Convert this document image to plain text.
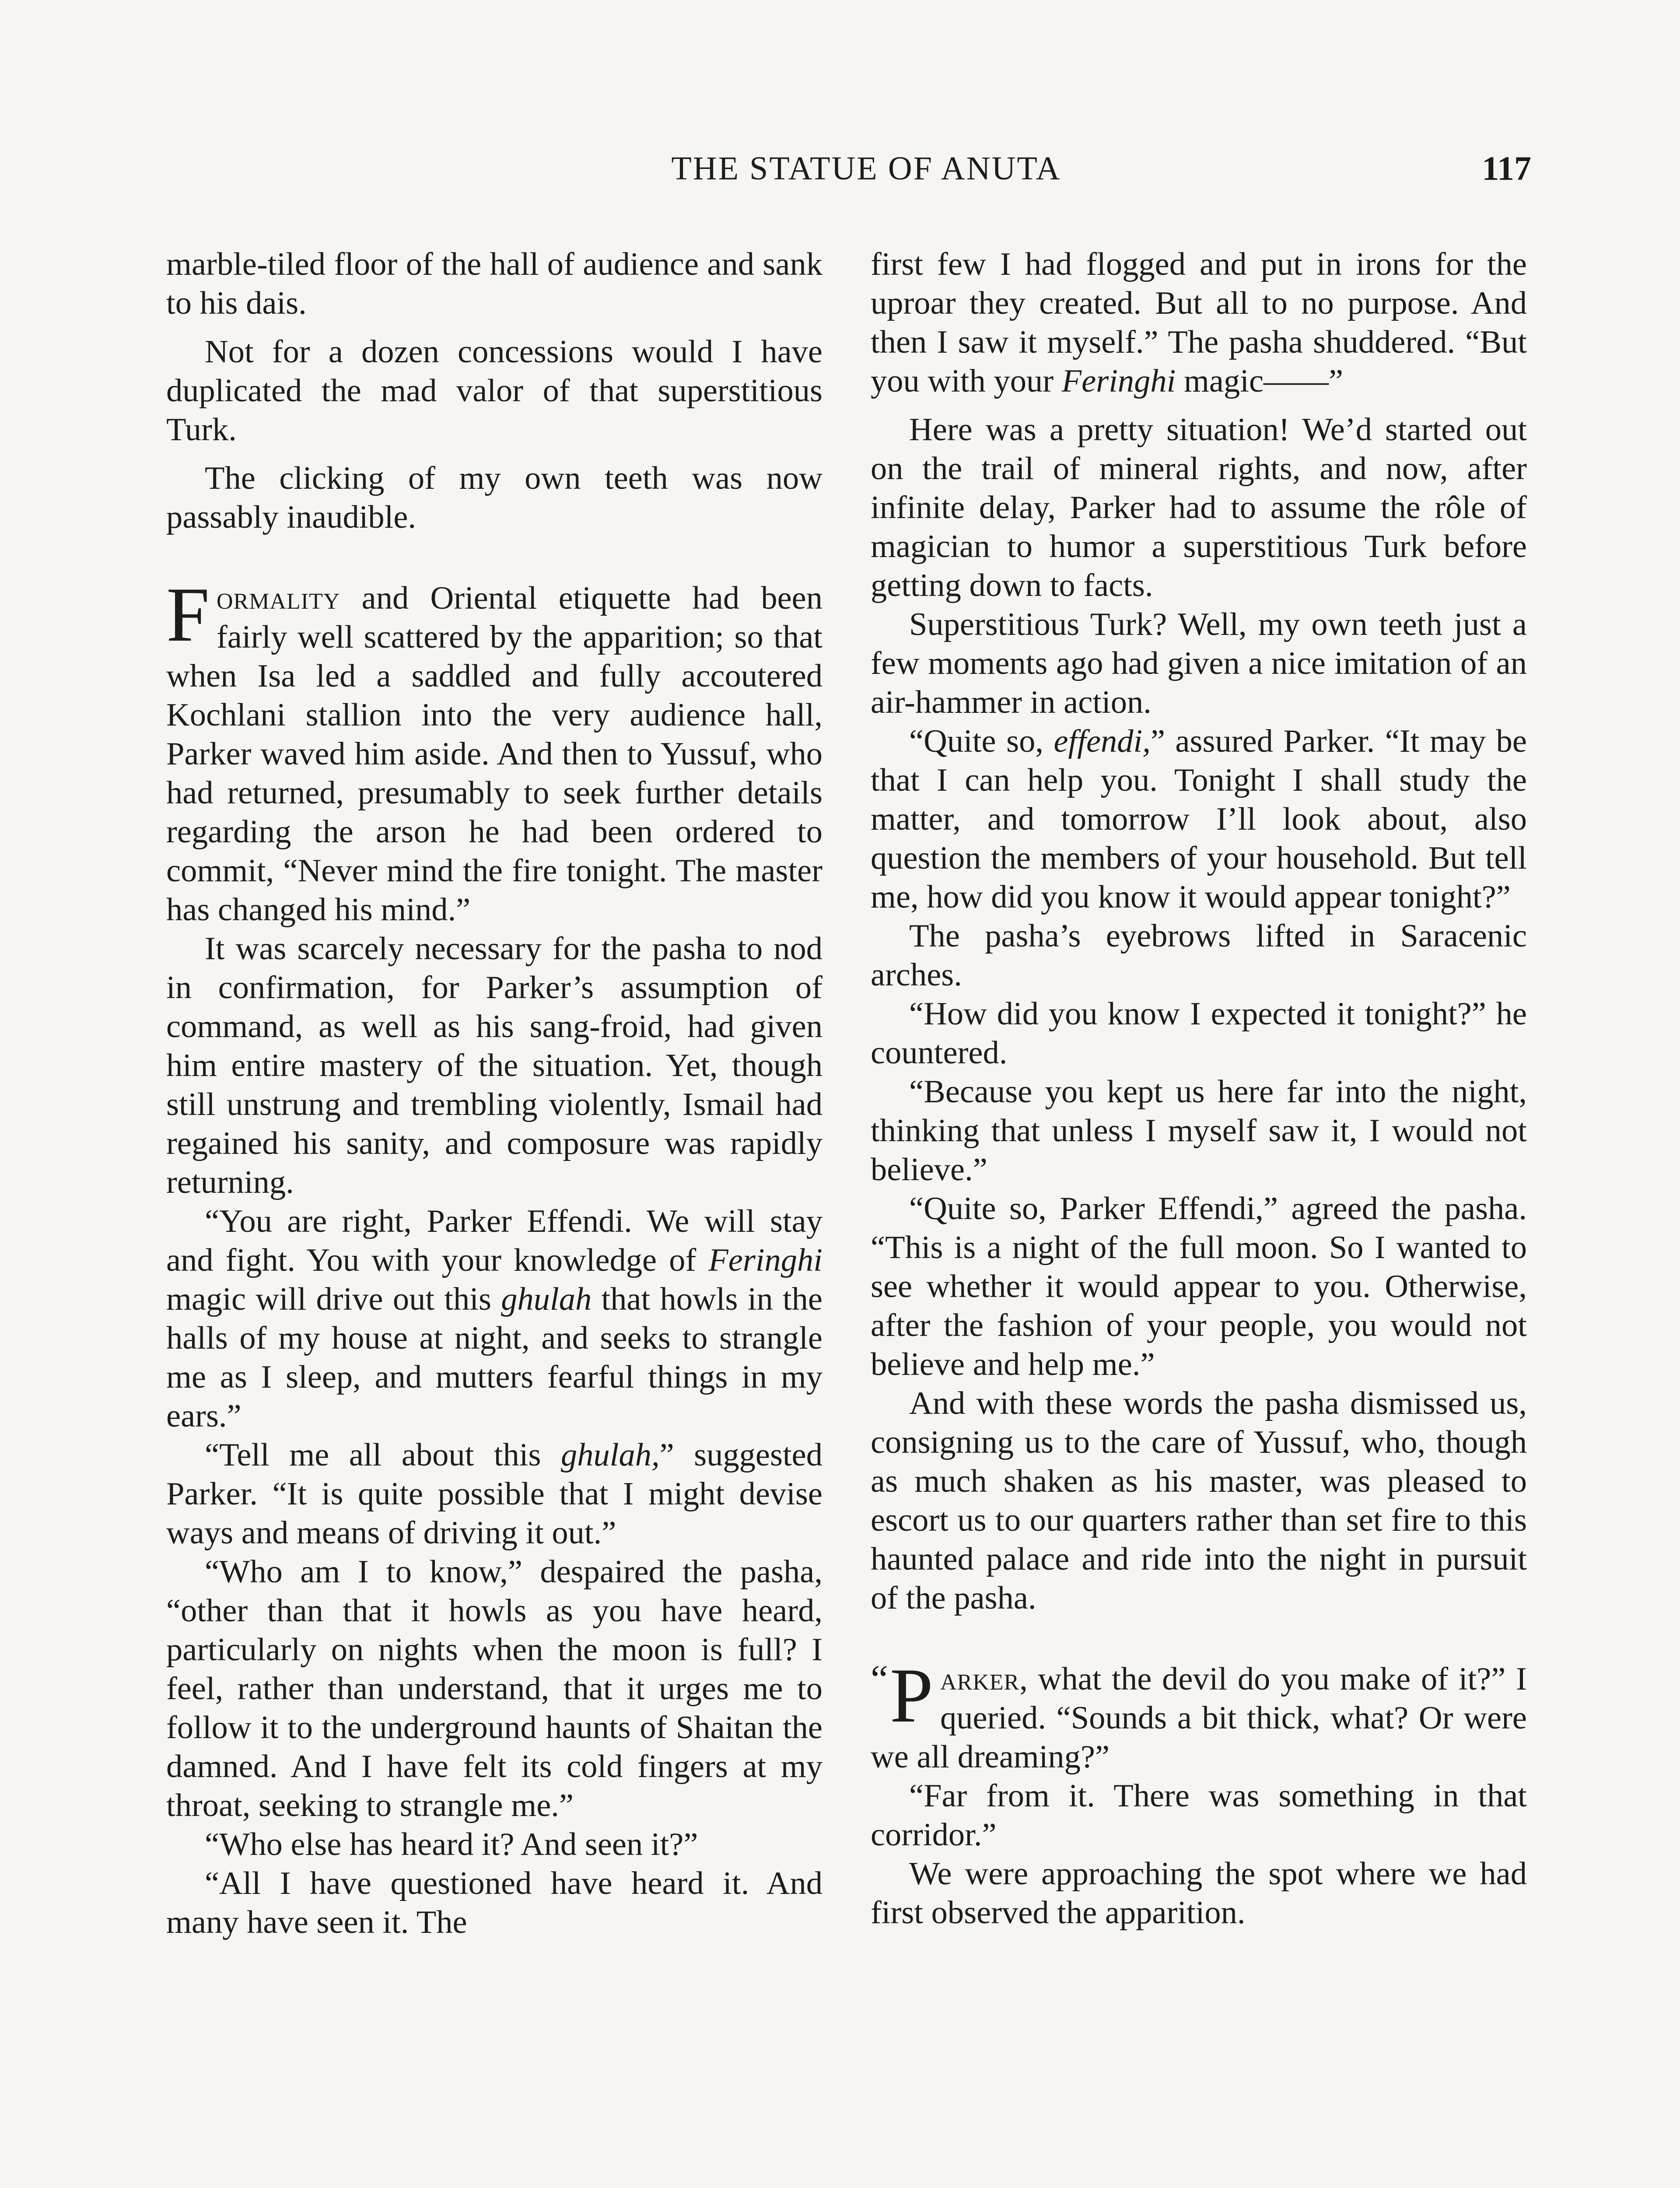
THE STATUE OF ANUTA	117

marble-tiled floor of the hall of audience and sank to his dais.

Not for a dozen concessions would I have duplicated the mad valor of that superstitious Turk.

The clicking of my own teeth was now passably inaudible.

Formality and Oriental etiquette had been fairly well scattered by the apparition; so that when Isa led a saddled and fully accoutered Kochlani stallion into the very audience hall, Parker waved him aside. And then to Yussuf, who had returned, presumably to seek further details regarding the arson he had been ordered to commit, “Never mind the fire tonight. The master has changed his mind.”

It was scarcely necessary for the pasha to nod in confirmation, for Parker’s assumption of command, as well as his sang-froid, had given him entire mastery of the situation. Yet, though still unstrung and trembling violently, Ismail had regained his sanity, and composure was rapidly returning.

“You are right, Parker Effendi. We will stay and fight. You with your knowledge of Feringhi magic will drive out this ghulah that howls in the halls of my house at night, and seeks to strangle me as I sleep, and mutters fearful things in my ears.”

“Tell me all about this ghulah,” suggested Parker. “It is quite possible that I might devise ways and means of driving it out.”

“Who am I to know,” despaired the pasha, “other than that it howls as you have heard, particularly on nights when the moon is full? I feel, rather than understand, that it urges me to follow it to the underground haunts of Shaitan the damned. And I have felt its cold fingers at my throat, seeking to strangle me.”

“Who else has heard it? And seen it?”

“All I have questioned have heard it. And many have seen it. The

first few I had flogged and put in irons for the uproar they created. But all to no purpose. And then I saw it myself.” The pasha shuddered. “But you with your Feringhi magic——”

Here was a pretty situation! We’d started out on the trail of mineral rights, and now, after infinite delay, Parker had to assume the rôle of magician to humor a superstitious Turk before getting down to facts.

Superstitious Turk? Well, my own teeth just a few moments ago had given a nice imitation of an air-hammer in action.

“Quite so, effendi,” assured Parker. “It may be that I can help you. Tonight I shall study the matter, and tomorrow I’ll look about, also question the members of your household. But tell me, how did you know it would appear tonight?”

The pasha’s eyebrows lifted in Saracenic arches.

“How did you know I expected it tonight?” he countered.

“Because you kept us here far into the night, thinking that unless I myself saw it, I would not believe.”

“Quite so, Parker Effendi,” agreed the pasha. “This is a night of the full moon. So I wanted to see whether it would appear to you. Otherwise, after the fashion of your people, you would not believe and help me.”

And with these words the pasha dismissed us, consigning us to the care of Yussuf, who, though as much shaken as his master, was pleased to escort us to our quarters rather than set fire to this haunted palace and ride into the night in pursuit of the pasha.

“ P arker, what the devil do you make of it?” I queried. “Sounds a bit thick, what? Or were we all dreaming?”

“Far from it. There was something in that corridor.”

We were approaching the spot where we had first observed the apparition.
